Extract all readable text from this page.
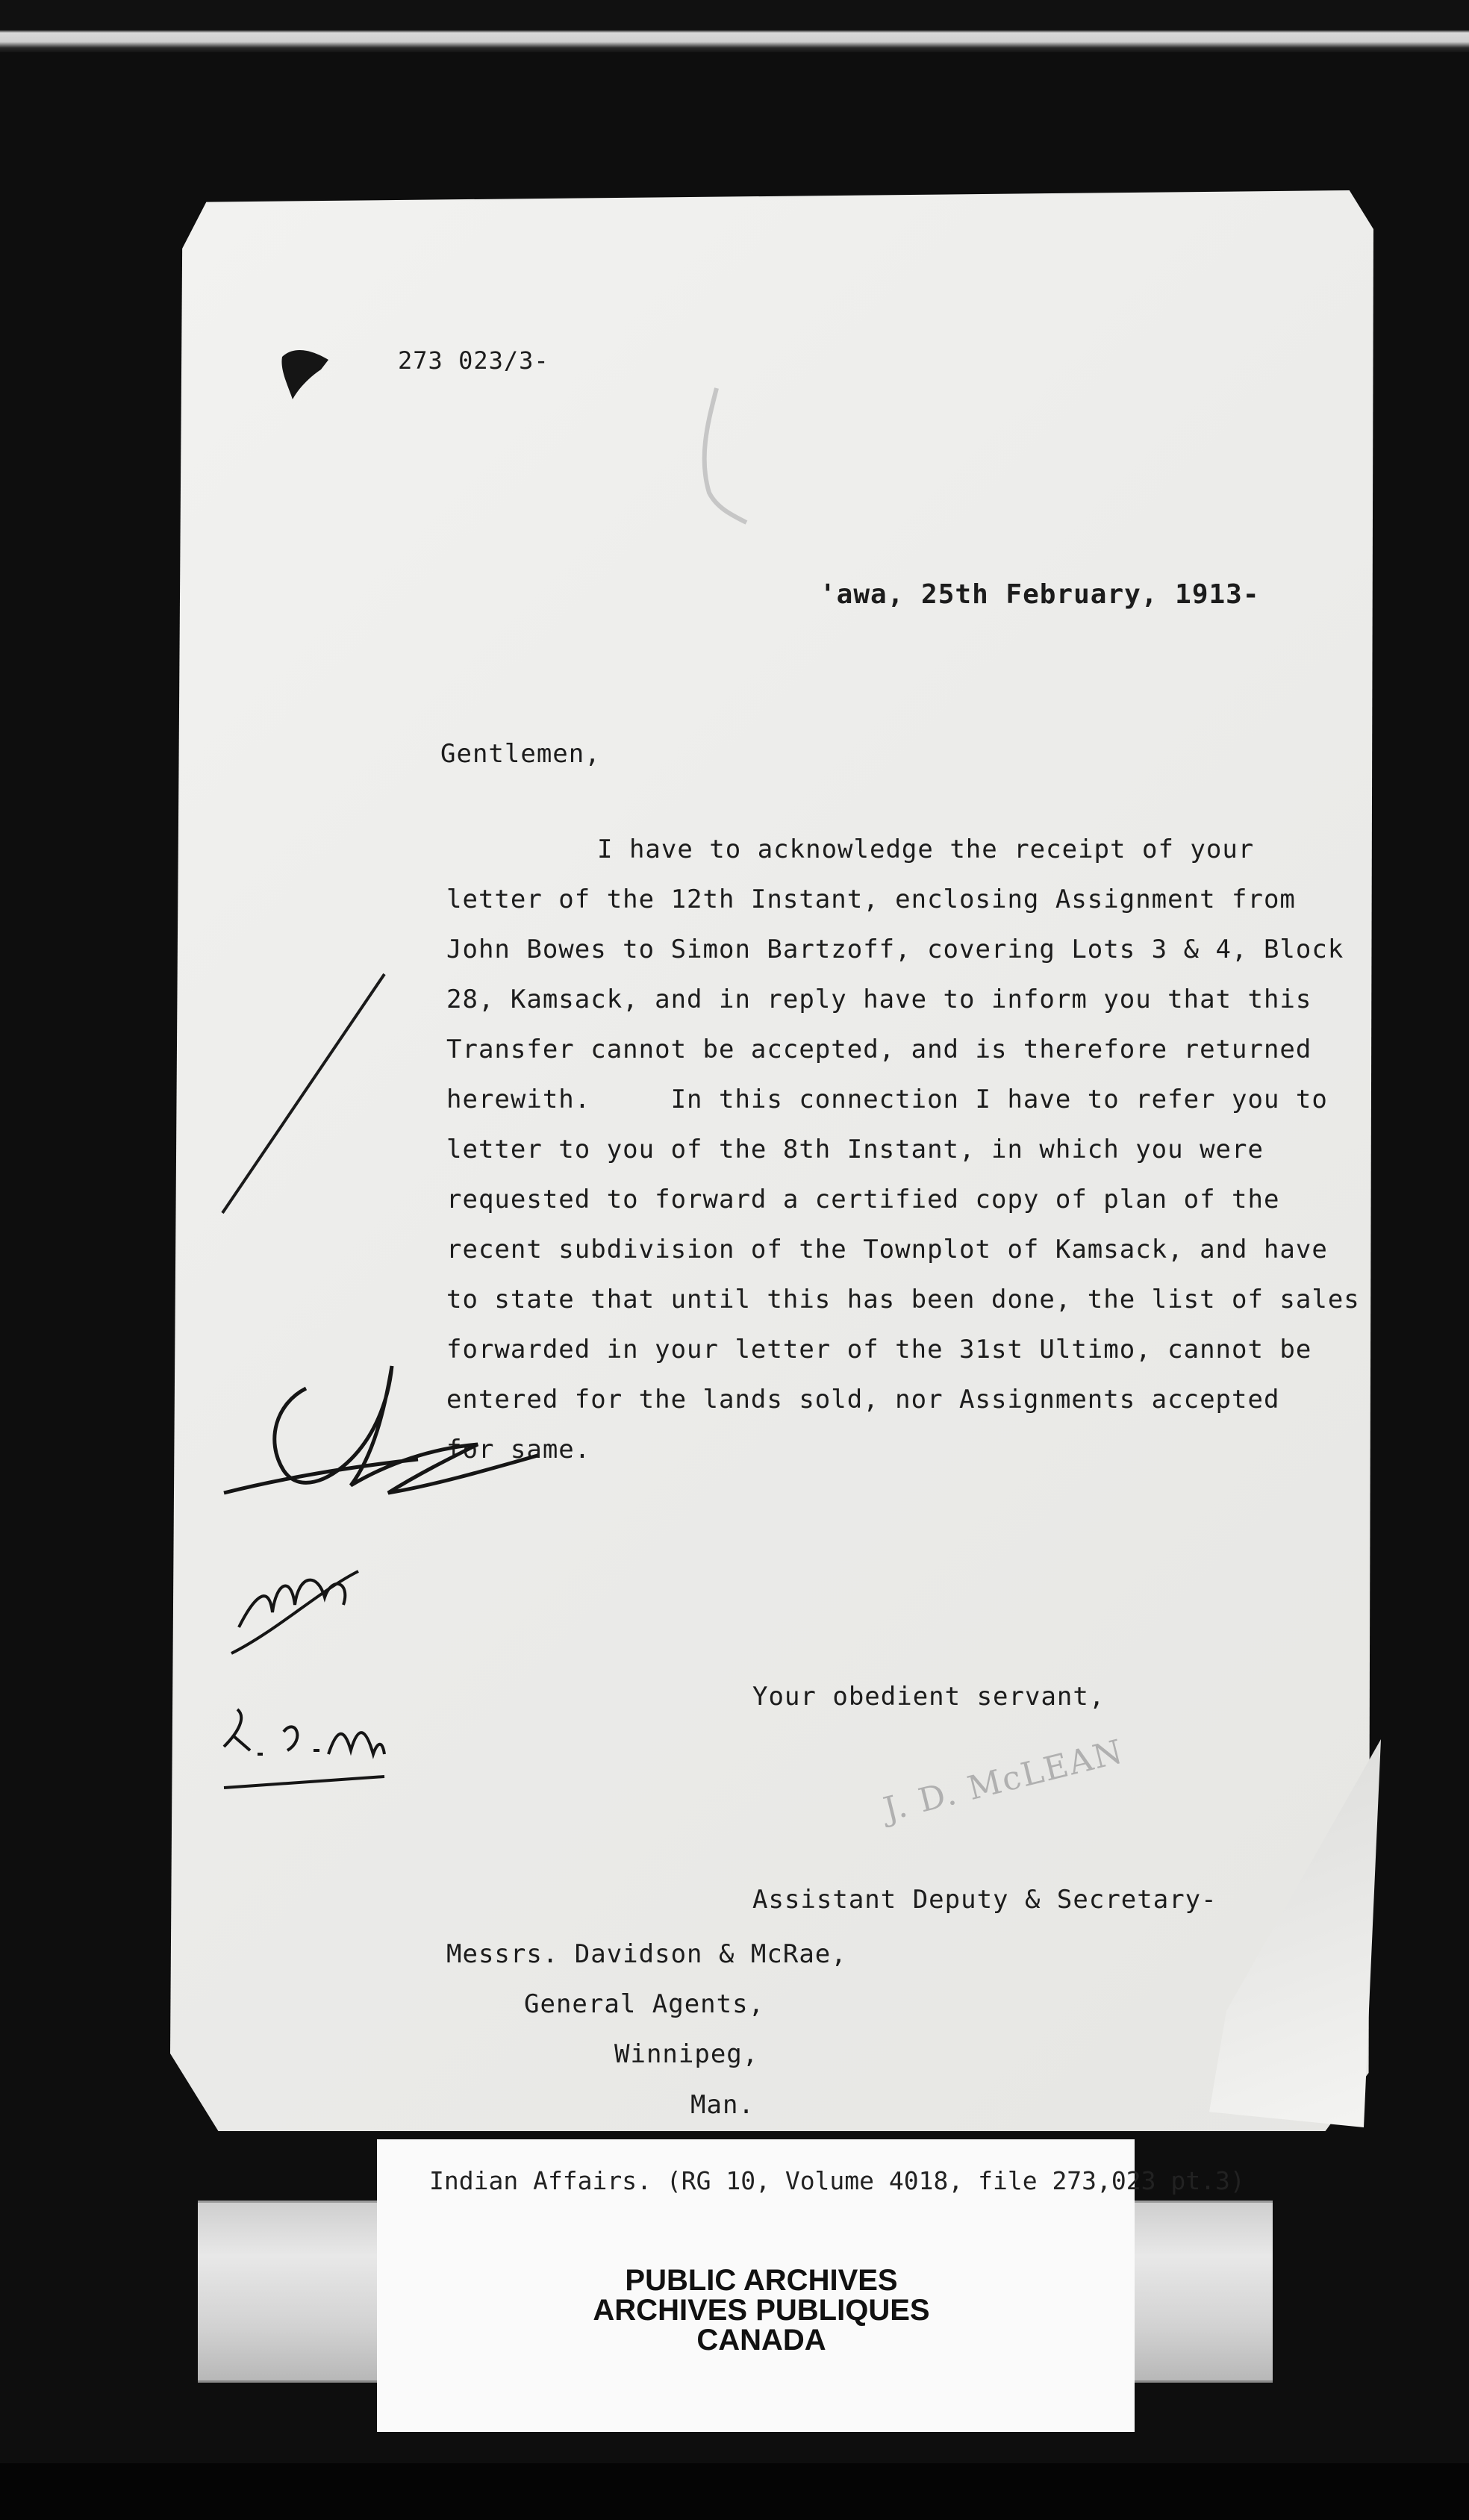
273 023/3-
'awa, 25th February, 1913-
Gentlemen,
I have to acknowledge the receipt of your
letter of the 12th Instant, enclosing Assignment from
John Bowes to Simon Bartzoff, covering Lots 3 & 4, Block
28, Kamsack, and in reply have to inform you that this
Transfer cannot be accepted, and is therefore returned
herewith.     In this connection I have to refer you to
letter to you of the 8th Instant, in which you were
requested to forward a certified copy of plan of the
recent subdivision of the Townplot of Kamsack, and have
to state that until this has been done, the list of sales
forwarded in your letter of the 31st Ultimo, cannot be
entered for the lands sold, nor Assignments accepted
for same.
Your obedient servant,
J. D. McLEAN
Assistant Deputy & Secretary-
Messrs. Davidson & McRae,
General Agents,
Winnipeg,
Man.
Indian Affairs. (RG 10, Volume 4018, file 273,023 pt.3)
PUBLIC ARCHIVES
ARCHIVES PUBLIQUES
CANADA
